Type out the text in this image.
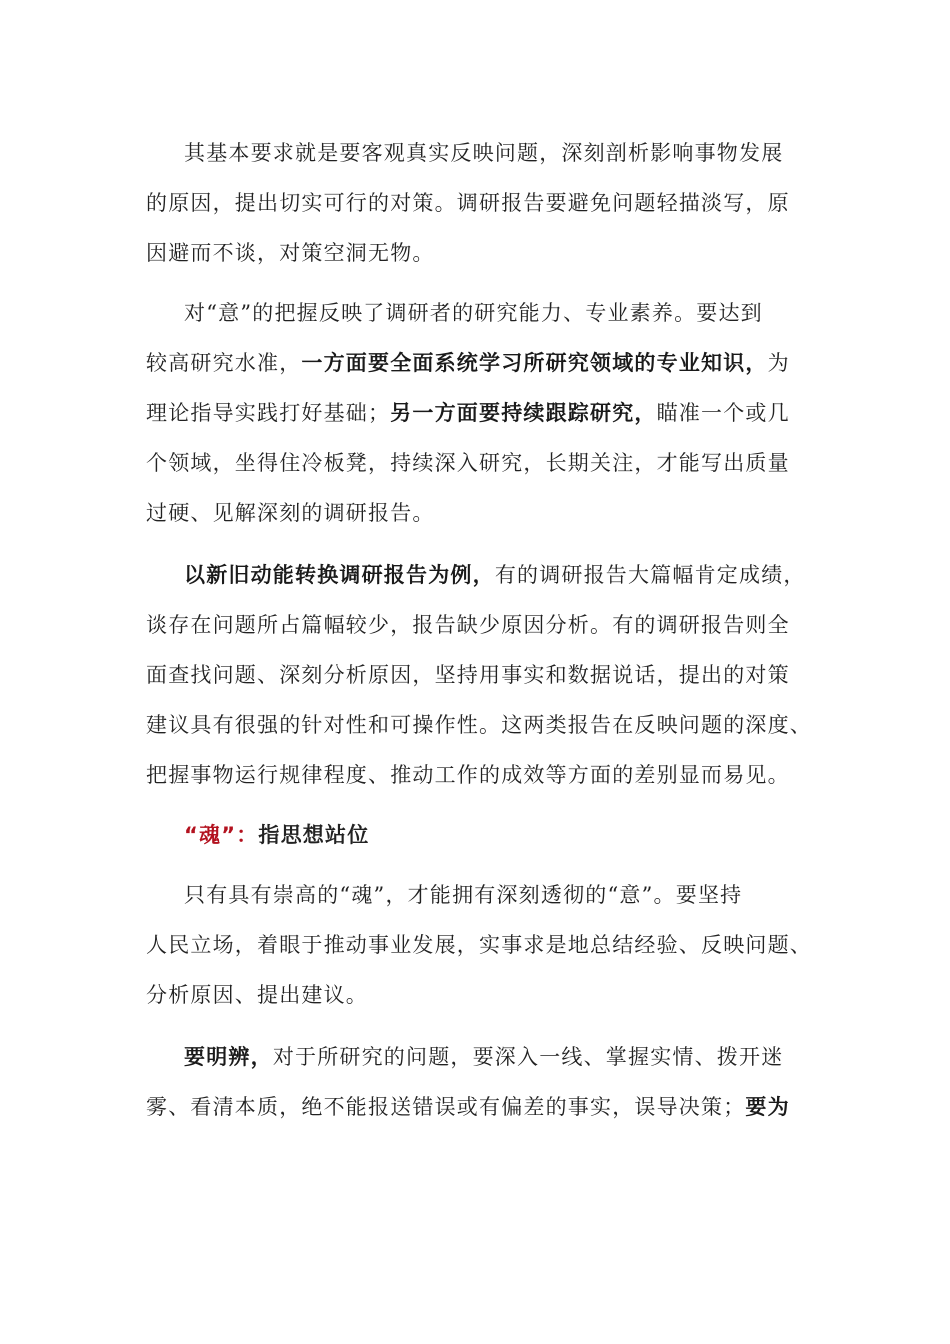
其基本要求就是要客观真实反映问题，深刻剖析影响事物发展
的原因，提出切实可行的对策。调研报告要避免问题轻描淡写，原
因避而不谈，对策空洞无物。
对“意”的把握反映了调研者的研究能力、专业素养。要达到
较高研究水准，一方面要全面系统学习所研究领域的专业知识，为
理论指导实践打好基础；另一方面要持续跟踪研究，瞄准一个或几
个领域，坐得住冷板凳，持续深入研究，长期关注，才能写出质量
过硬、见解深刻的调研报告。
以新旧动能转换调研报告为例，有的调研报告大篇幅肯定成绩，
谈存在问题所占篇幅较少，报告缺少原因分析。有的调研报告则全
面查找问题、深刻分析原因，坚持用事实和数据说话，提出的对策
建议具有很强的针对性和可操作性。这两类报告在反映问题的深度、
把握事物运行规律程度、推动工作的成效等方面的差别显而易见。
“魂”：指思想站位
只有具有崇高的“魂”，才能拥有深刻透彻的“意”。要坚持
人民立场，着眼于推动事业发展，实事求是地总结经验、反映问题、
分析原因、提出建议。
要明辨，对于所研究的问题，要深入一线、掌握实情、拨开迷
雾、看清本质，绝不能报送错误或有偏差的事实，误导决策；要为
